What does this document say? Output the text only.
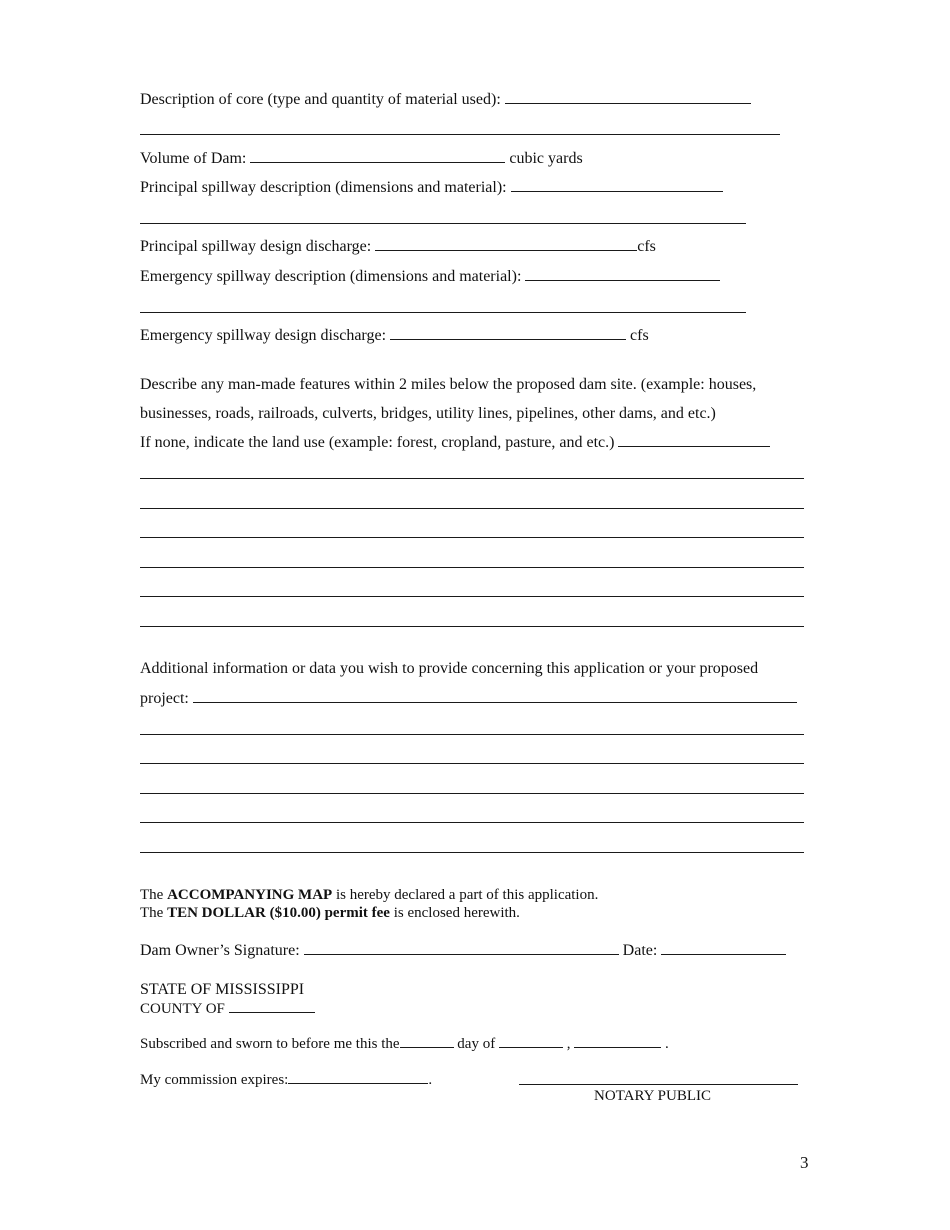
Description of core (type and quantity of material used):
Volume of Dam:	cubic yards
Principal spillway description (dimensions and material):
Principal spillway design discharge:	cfs
Emergency spillway description (dimensions and material):
Emergency spillway design discharge:	cfs
Describe any man-made features within 2 miles below the proposed dam site. (example: houses,
businesses, roads, railroads, culverts, bridges, utility lines, pipelines, other dams, and etc.)
If none, indicate the land use (example: forest, cropland, pasture, and etc.)
Additional information or data you wish to provide concerning this application or your proposed
project:
The ACCOMPANYING MAP is hereby declared a part of this application.
The TEN DOLLAR ($10.00) permit fee is enclosed herewith.
Dam Owner’s Signature:	Date:
STATE OF MISSISSIPPI
COUNTY OF
Subscribed and sworn to before me this the	day of	,	.
My commission expires:	.
NOTARY PUBLIC
3
